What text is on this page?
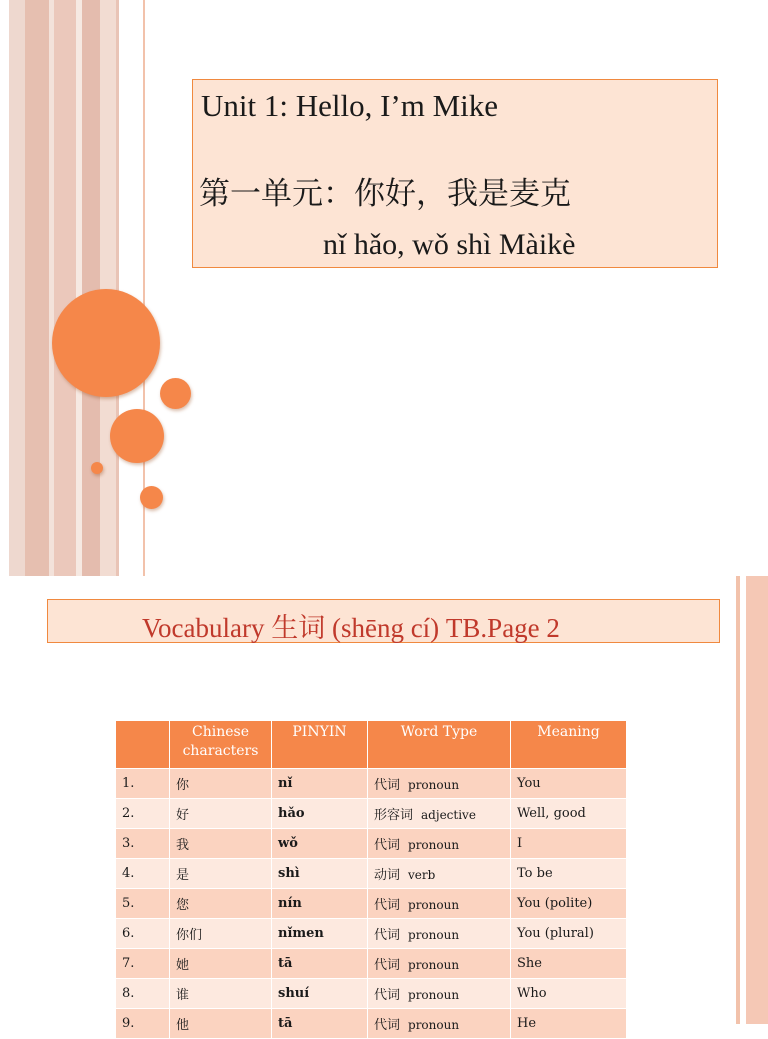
Unit 1: Hello, I’m Mike
第一单元：你好，我是麦克
nǐ hǎo, wǒ shì Màikè
Vocabulary 生词 (shēng cí) TB.Page 2
	Chinese characters	PINYIN	Word Type	Meaning
1.	你	nǐ	代词 pronoun	You
2.	好	hǎo	形容词 adjective	Well, good
3.	我	wǒ	代词 pronoun	I
4.	是	shì	动词 verb	To be
5.	您	nín	代词 pronoun	You (polite)
6.	你们	nǐmen	代词 pronoun	You (plural)
7.	她	tā	代词 pronoun	She
8.	谁	shuí	代词 pronoun	Who
9.	他	tā	代词 pronoun	He
